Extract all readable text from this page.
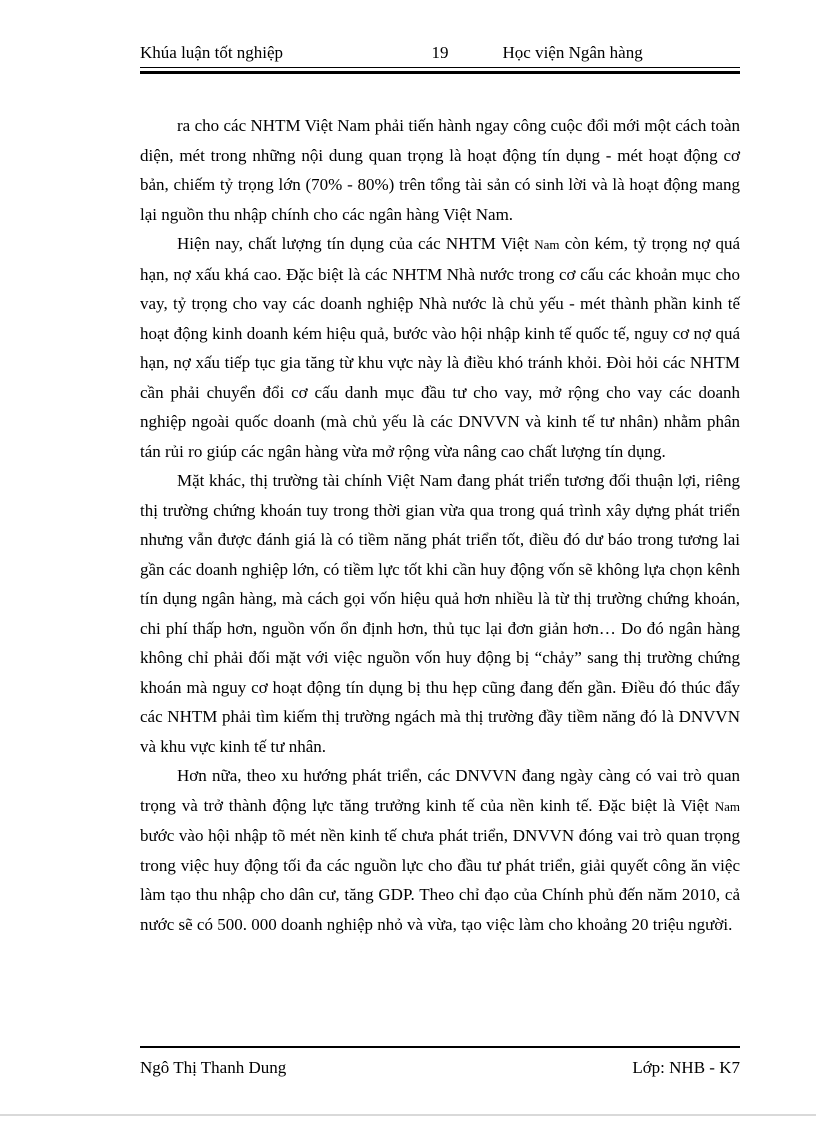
Khúa luận tốt nghiệp	19	Học viện Ngân hàng

ra cho các NHTM Việt Nam phải tiến hành ngay công cuộc đổi mới một cách toàn diện, mét trong những nội dung quan trọng là hoạt động tín dụng - mét hoạt động cơ bản, chiếm tỷ trọng lớn (70% - 80%) trên tổng tài sản có sinh lời và là hoạt động mang lại nguồn thu nhập chính cho các ngân hàng Việt Nam.

Hiện nay, chất lượng tín dụng của các NHTM Việt Nam còn kém, tỷ trọng nợ quá hạn, nợ xấu khá cao. Đặc biệt là các NHTM Nhà nước trong cơ cấu các khoản mục cho vay, tỷ trọng cho vay các doanh nghiệp Nhà nước là chủ yếu - mét thành phần kinh tế hoạt động kinh doanh kém hiệu quả, bước vào hội nhập kinh tế quốc tế, nguy cơ nợ quá hạn, nợ xấu tiếp tục gia tăng từ khu vực này là điều khó tránh khỏi. Đòi hỏi các NHTM cần phải chuyển đổi cơ cấu danh mục đầu tư cho vay, mở rộng cho vay các doanh nghiệp ngoài quốc doanh (mà chủ yếu là các DNVVN và kinh tế tư nhân) nhằm phân tán rủi ro giúp các ngân hàng vừa mở rộng vừa nâng cao chất lượng tín dụng.

Mặt khác, thị trường tài chính Việt Nam đang phát triển tương đối thuận lợi, riêng thị trường chứng khoán tuy trong thời gian vừa qua trong quá trình xây dựng phát triển nhưng vẫn được đánh giá là có tiềm năng phát triển tốt, điều đó dư báo trong tương lai gần các doanh nghiệp lớn, có tiềm lực tốt khi cần huy động vốn sẽ không lựa chọn kênh tín dụng ngân hàng, mà cách gọi vốn hiệu quả hơn nhiều là từ thị trường chứng khoán, chi phí thấp hơn, nguồn vốn ổn định hơn, thủ tục lại đơn giản hơn… Do đó ngân hàng không chỉ phải đối mặt với việc nguồn vốn huy động bị “chảy” sang thị trường chứng khoán mà nguy cơ hoạt động tín dụng bị thu hẹp cũng đang đến gần. Điều đó thúc đẩy các NHTM phải tìm kiếm thị trường ngách mà thị trường đầy tiềm năng đó là DNVVN và khu vực kinh tế tư nhân.

Hơn nữa, theo xu hướng phát triển, các DNVVN đang ngày càng có vai trò quan trọng và trở thành động lực tăng trưởng kinh tế của nền kinh tế. Đặc biệt là Việt Nam bước vào hội nhập tõ mét nền kinh tế chưa phát triển, DNVVN đóng vai trò quan trọng trong việc huy động tối đa các nguồn lực cho đầu tư phát triển, giải quyết công ăn việc làm tạo thu nhập cho dân cư, tăng GDP. Theo chỉ đạo của Chính phủ đến năm 2010, cả nước sẽ có 500. 000 doanh nghiệp nhỏ và vừa, tạo việc làm cho khoảng 20 triệu người.

Ngô Thị Thanh Dung	Lớp: NHB - K7
